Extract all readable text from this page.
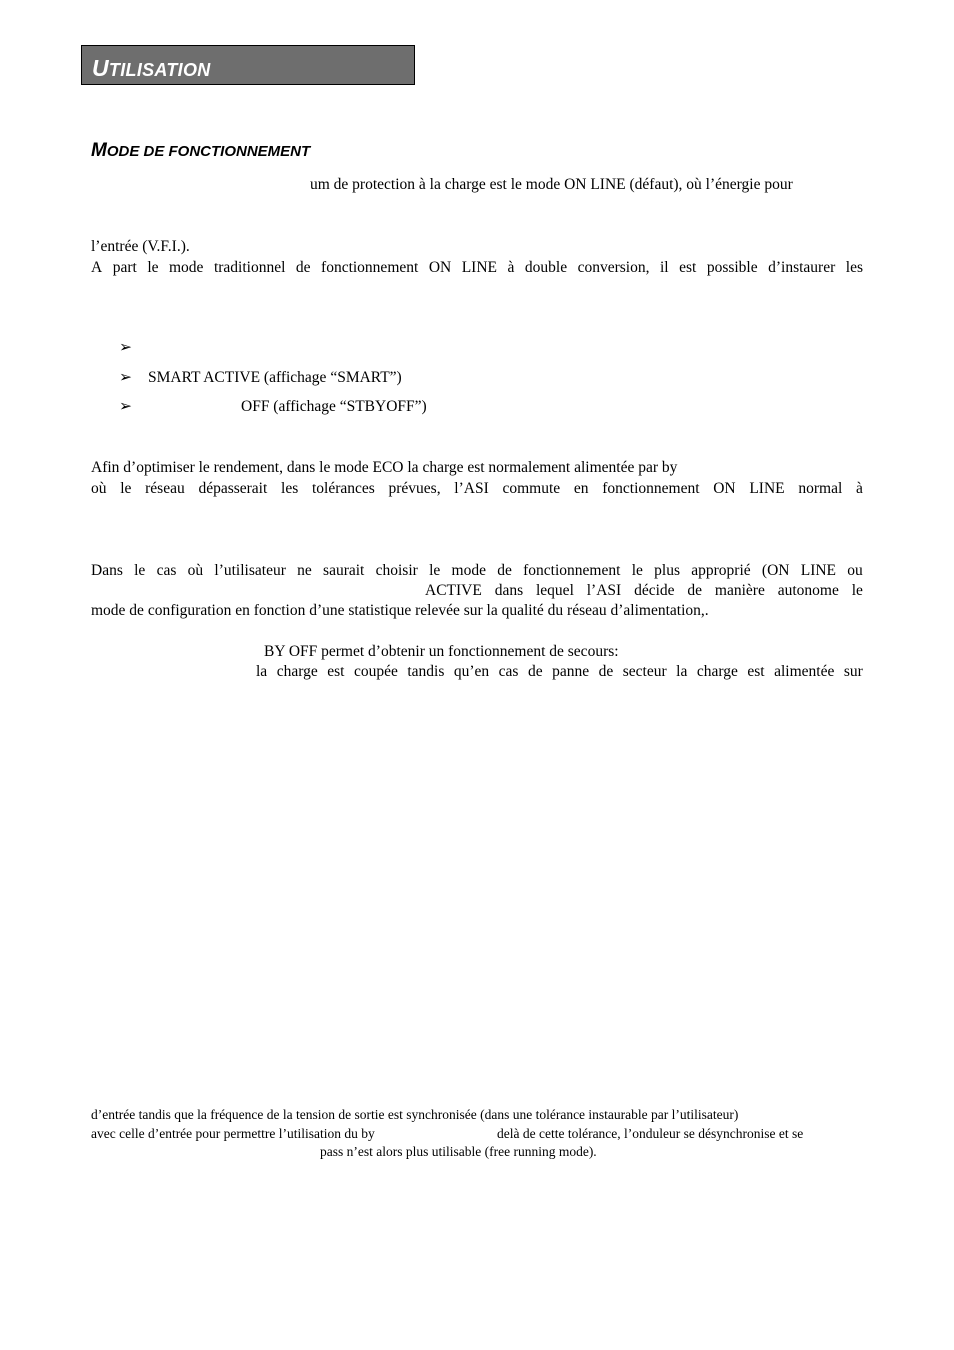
UTILISATION
MODE DE FONCTIONNEMENT
um de protection à la charge est le mode ON LINE (défaut), où l’énergie pour
l’entrée (V.F.I.).
A part le mode traditionnel de fonctionnement ON LINE à double conversion, il est possible d’instaurer les
➢
➢ SMART ACTIVE (affichage “SMART”)
➢	OFF (affichage “STBYOFF”)
Afin d’optimiser le rendement, dans le mode ECO la charge est normalement alimentée par by
où le réseau dépasserait les tolérances prévues, l’ASI commute en fonctionnement ON LINE normal à
Dans le cas où l’utilisateur ne saurait choisir le mode de fonctionnement le plus approprié (ON LINE ou
ACTIVE dans lequel l’ASI décide de manière autonome le
mode de configuration en fonction d’une statistique relevée sur la qualité du réseau d’alimentation,.
BY OFF permet d’obtenir un fonctionnement de secours:
la charge est coupée tandis qu’en cas de panne de secteur la charge est alimentée sur
d’entrée tandis que la fréquence de la tension de sortie est synchronisée (dans une tolérance instaurable par l’utilisateur)
avec celle d’entrée pour permettre l’utilisation du by	delà de cette tolérance, l’onduleur se désynchronise et se
pass n’est alors plus utilisable (free running mode).
